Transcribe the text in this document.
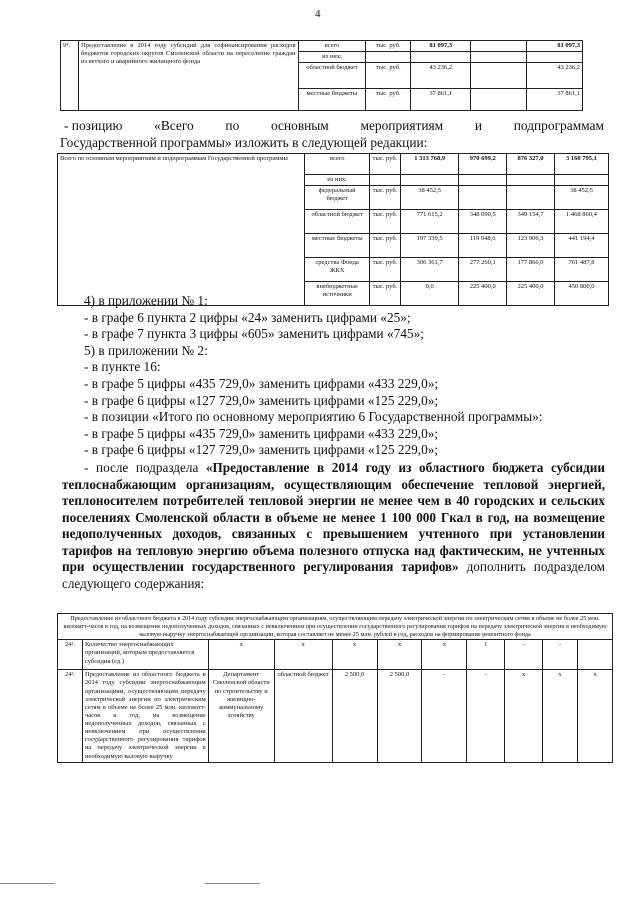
4
9⁴.	Предоставление в 2014 году субсидий для софинансирования расходов бюджетов городских округов Смоленской области на переселение граждан из ветхого и аварийного жилищного фонда	всего	тыс. руб.	81 097,3		81 097,3
		из них:				
		областной бюджет	тыс. руб.	43 236,2		43 236,2
		местные бюджеты	тыс. руб.	37 861,1		37 861,1
- позицию «Всего по основным мероприятиям и подпрограммам
Государственной программы» изложить в следующей редакции:
Всего по основным мероприятиям и подпрограммам Государственной программы	всего	тыс. руб.	1 313 768,9	970 699,2	876 327,0	3 160 795,1
	из них:					
	федеральный бюджет	тыс. руб.	38 452,5			38 452,5
	областной бюджет	тыс. руб.	771 615,2	348 090,5	349 154,7	1 468 860,4
	местные бюджеты	тыс. руб.	197 339,5	119 948,6	123 906,3	441 194,4
	средства Фонда ЖКХ	тыс. руб.	306 361,7	277 260,1	177 866,0	761 487,8
	внебюджетные источники	тыс. руб.	0,0	225 400,0	225 400,0	450 800,0
4) в приложении № 1:
- в графе 6 пункта 2 цифры «24» заменить цифрами «25»;
- в графе 7 пункта 3 цифры «605» заменить цифрами «745»;
5) в приложении № 2:
- в пункте 16:
- в графе 5 цифры «435 729,0» заменить цифрами «433 229,0»;
- в графе 6 цифры «127 729,0» заменить цифрами «125 229,0»;
- в позиции «Итого по основному мероприятию 6 Государственной программы»:
- в графе 5 цифры «435 729,0» заменить цифрами «433 229,0»;
- в графе 6 цифры «127 729,0» заменить цифрами «125 229,0»;
- после подраздела «Предоставление в 2014 году из областного бюджета субсидии теплоснабжающим организациям, осуществляющим обеспечение тепловой энергией, теплоносителем потребителей тепловой энергии не менее чем в 40 городских и сельских поселениях Смоленской области в объеме не менее 1 100 000 Гкал в год, на возмещение недополученных доходов, связанных с превышением учтенного при установлении тарифов на тепловую энергию объема полезного отпуска над фактическим, не учтенных при осуществлении государственного регулирования тарифов» дополнить подразделом следующего содержания:
Предоставление из областного бюджета в 2014 году субсидии энергоснабжающим организациям, осуществляющим передачу электрической энергии по электрическим сетям в объеме не более 25 млн. киловатт-часов в год, на возмещение недополученных доходов, связанных с невключением при осуществлении государственного регулирования тарифов на передачу электрической энергии в необходимую валовую выручку энергоснабжающей организации, которая составляет не менее 25 млн. рублей в год, расходов на формирование ремонтного фонда										
24¹.	Количество энергоснабжающих организаций, которым предоставляется субсидия (ед.)	x	x	x	x	x	1	-	-	
24².	Предоставление из областного бюджета в 2014 году субсидии энергоснабжающим организациям, осуществляющим передачу электрической энергии по электрическим сетям в объеме не более 25 млн. киловатт-часов в год, на возмещение недополученных доходов, связанных с невключением при осуществлении государственного регулирования тарифов на передачу электрической энергии в необходимую валовую выручку	Департамент Смоленской области по строительству и жилищно-коммунальному хозяйству	областной бюджет	2 500,0	2 500,0	-	-	x	x	x
